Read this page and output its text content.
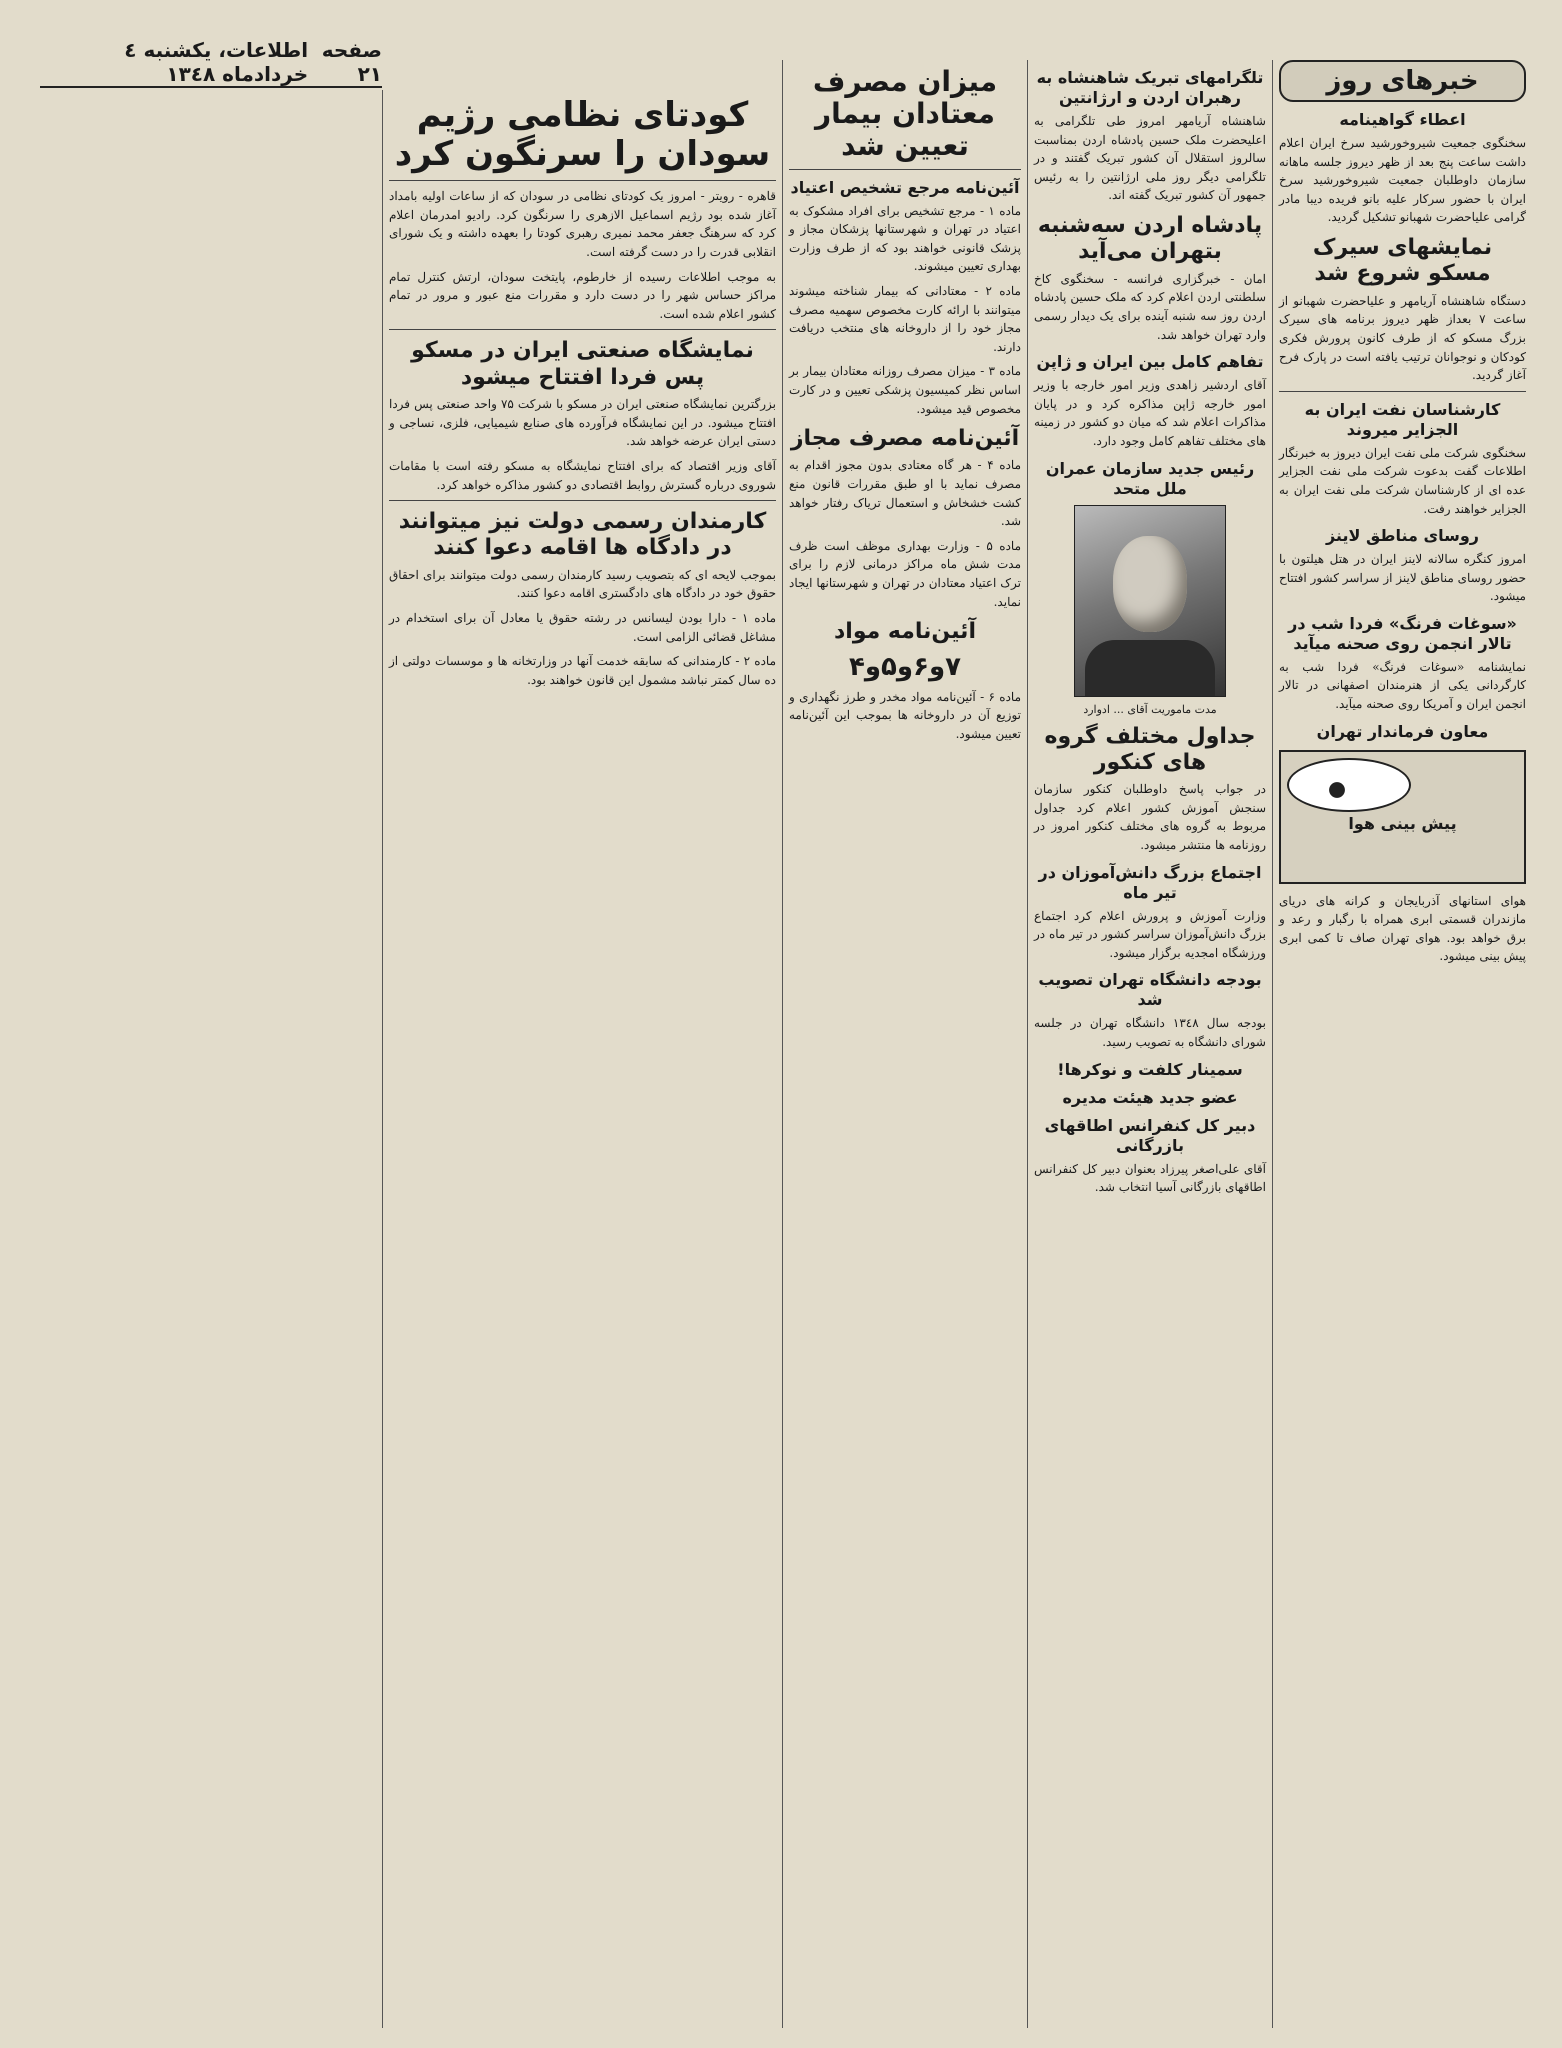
صفحه ۲۱
اطلاعات، یکشنبه ٤ خردادماه ۱۳٤۸	خبرهای روز
اعطاء گواهینامه

سخنگوی جمعیت شیروخورشید سرخ ایران اعلام داشت ساعت پنج بعد از ظهر دیروز جلسه ماهانه سازمان داوطلبان جمعیت شیروخورشید سرخ ایران با حضور سرکار علیه بانو فریده دیبا مادر گرامی علیاحضرت شهبانو تشکیل گردید.

نمایشهای سیرک مسکو شروع شد

دستگاه شاهنشاه آریامهر و علیاحضرت شهبانو از ساعت ۷ بعداز ظهر دیروز برنامه های سیرک بزرگ مسکو که از طرف کانون پرورش فکری کودکان و نوجوانان ترتیب یافته است در پارک فرح آغاز گردید.

کارشناسان نفت ایران به الجزایر میروند

سخنگوی شرکت ملی نفت ایران دیروز به خبرنگار اطلاعات گفت بدعوت شرکت ملی نفت الجزایر عده ای از کارشناسان شرکت ملی نفت ایران به الجزایر خواهند رفت.

روسای مناطق لاینز

امروز کنگره سالانه لاینز ایران در هتل هیلتون با حضور روسای مناطق لاینز از سراسر کشور افتتاح میشود.

«سوغات فرنگ» فردا شب در تالار انجمن روی صحنه میآید

نمایشنامه «سوغات فرنگ» فردا شب به کارگردانی یکی از هنرمندان اصفهانی در تالار انجمن ایران و آمریکا روی صحنه میآید.

معاون فرماندار تهران
پیش بینی هوا

هوای استانهای آذربایجان و کرانه های دریای مازندران قسمتی ابری همراه با رگبار و رعد و برق خواهد بود. هوای تهران صاف تا کمی ابری پیش بینی میشود.

تلگرامهای تبریک شاهنشاه به رهبران اردن و ارژانتین

شاهنشاه آریامهر امروز طی تلگرامی به اعلیحضرت ملک حسین پادشاه اردن بمناسبت سالروز استقلال آن کشور تبریک گفتند و در تلگرامی دیگر روز ملی ارژانتین را به رئیس جمهور آن کشور تبریک گفته اند.

پادشاه اردن سه‌شنبه بتهران می‌آید

امان - خبرگزاری فرانسه - سخنگوی کاخ سلطنتی اردن اعلام کرد که ملک حسین پادشاه اردن روز سه شنبه آینده برای یک دیدار رسمی وارد تهران خواهد شد.

تفاهم کامل بین ایران و ژاپن

آقای اردشیر زاهدی وزیر امور خارجه با وزیر امور خارجه ژاپن مذاکره کرد و در پایان مذاکرات اعلام شد که میان دو کشور در زمینه های مختلف تفاهم کامل وجود دارد.

رئیس جدید سازمان عمران ملل متحد
مدت ماموریت آقای ... ادوارد
جداول مختلف گروه های کنکور

در جواب پاسخ داوطلبان کنکور سازمان سنجش آموزش کشور اعلام کرد جداول مربوط به گروه های مختلف کنکور امروز در روزنامه ها منتشر میشود.

اجتماع بزرگ دانش‌آموزان در تیر ماه

وزارت آموزش و پرورش اعلام کرد اجتماع بزرگ دانش‌آموزان سراسر کشور در تیر ماه در ورزشگاه امجدیه برگزار میشود.

بودجه دانشگاه تهران تصویب شد

بودجه سال ۱۳٤۸ دانشگاه تهران در جلسه شورای دانشگاه به تصویب رسید.

سمینار کلفت و نوکرها!
عضو جدید هیئت مدیره
دبیر کل کنفرانس اطاقهای بازرگانی

آقای علی‌اصغر پیرزاد بعنوان دبیر کل کنفرانس اطاقهای بازرگانی آسیا انتخاب شد.

میزان مصرف معتادان بیمار تعیین شد
آئین‌نامه مرجع تشخیص اعتیاد

ماده ۱ - مرجع تشخیص برای افراد مشکوک به اعتیاد در تهران و شهرستانها پزشکان مجاز و پزشک قانونی خواهند بود که از طرف وزارت بهداری تعیین میشوند.

ماده ۲ - معتادانی که بیمار شناخته میشوند میتوانند با ارائه کارت مخصوص سهمیه مصرف مجاز خود را از داروخانه های منتخب دریافت دارند.

ماده ۳ - میزان مصرف روزانه معتادان بیمار بر اساس نظر کمیسیون پزشکی تعیین و در کارت مخصوص قید میشود.

آئین‌نامه مصرف مجاز

ماده ۴ - هر گاه معتادی بدون مجوز اقدام به مصرف نماید با او طبق مقررات قانون منع کشت خشخاش و استعمال تریاک رفتار خواهد شد.

ماده ۵ - وزارت بهداری موظف است ظرف مدت شش ماه مراکز درمانی لازم را برای ترک اعتیاد معتادان در تهران و شهرستانها ایجاد نماید.

آئین‌نامه مواد
۷و۶و۵و۴

ماده ۶ - آئین‌نامه مواد مخدر و طرز نگهداری و توزیع آن در داروخانه ها بموجب این آئین‌نامه تعیین میشود.

کودتای نظامی رژیم سودان را سرنگون کرد

قاهره - رویتر - امروز یک کودتای نظامی در سودان که از ساعات اولیه بامداد آغاز شده بود رژیم اسماعیل الازهری را سرنگون کرد. رادیو امدرمان اعلام کرد که سرهنگ جعفر محمد نمیری رهبری کودتا را بعهده داشته و یک شورای انقلابی قدرت را در دست گرفته است.

به موجب اطلاعات رسیده از خارطوم، پایتخت سودان، ارتش کنترل تمام مراکز حساس شهر را در دست دارد و مقررات منع عبور و مرور در تمام کشور اعلام شده است.

نمایشگاه صنعتی ایران در مسکو پس فردا افتتاح میشود

بزرگترین نمایشگاه صنعتی ایران در مسکو با شرکت ۷۵ واحد صنعتی پس فردا افتتاح میشود. در این نمایشگاه فرآورده های صنایع شیمیایی، فلزی، نساجی و دستی ایران عرضه خواهد شد.

آقای وزیر اقتصاد که برای افتتاح نمایشگاه به مسکو رفته است با مقامات شوروی درباره گسترش روابط اقتصادی دو کشور مذاکره خواهد کرد.

کارمندان رسمی دولت نیز میتوانند در دادگاه ها اقامه دعوا کنند

بموجب لایحه ای که بتصویب رسید کارمندان رسمی دولت میتوانند برای احقاق حقوق خود در دادگاه های دادگستری اقامه دعوا کنند.

ماده ۱ - دارا بودن لیسانس در رشته حقوق یا معادل آن برای استخدام در مشاغل قضائی الزامی است.

ماده ۲ - کارمندانی که سابقه خدمت آنها در وزارتخانه ها و موسسات دولتی از ده سال کمتر نباشد مشمول این قانون خواهند بود.
